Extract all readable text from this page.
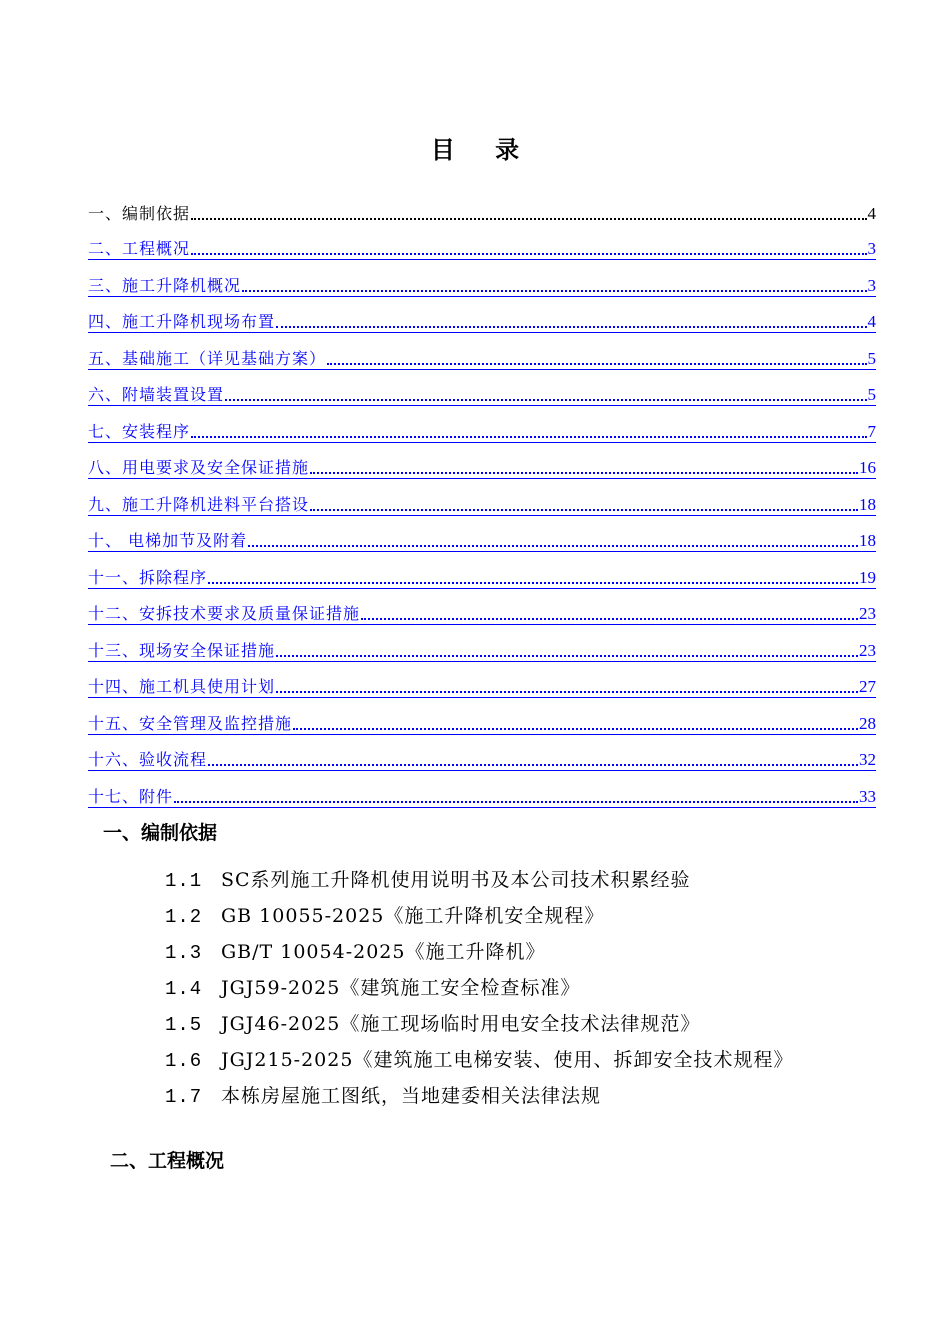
目 录
一、编制依据	4
二、工程概况	3
三、施工升降机概况	3
四、施工升降机现场布置	4
五、基础施工（详见基础方案）	5
六、附墙装置设置	5
七、安装程序	7
八、用电要求及安全保证措施	16
九、施工升降机进料平台搭设	18
十、 电梯加节及附着	18
十一、拆除程序	19
十二、安拆技术要求及质量保证措施	23
十三、现场安全保证措施	23
十四、施工机具使用计划	27
十五、安全管理及监控措施	28
十六、验收流程	32
十七、附件	33
一、编制依据
1.1 SC系列施工升降机使用说明书及本公司技术积累经验
1.2 GB 10055-2025《施工升降机安全规程》
1.3 GB/T 10054-2025《施工升降机》
1.4 JGJ59-2025《建筑施工安全检查标准》
1.5 JGJ46-2025《施工现场临时用电安全技术法律规范》
1.6 JGJ215-2025《建筑施工电梯安装、使用、拆卸安全技术规程》
1.7 本栋房屋施工图纸，当地建委相关法律法规
二、工程概况
